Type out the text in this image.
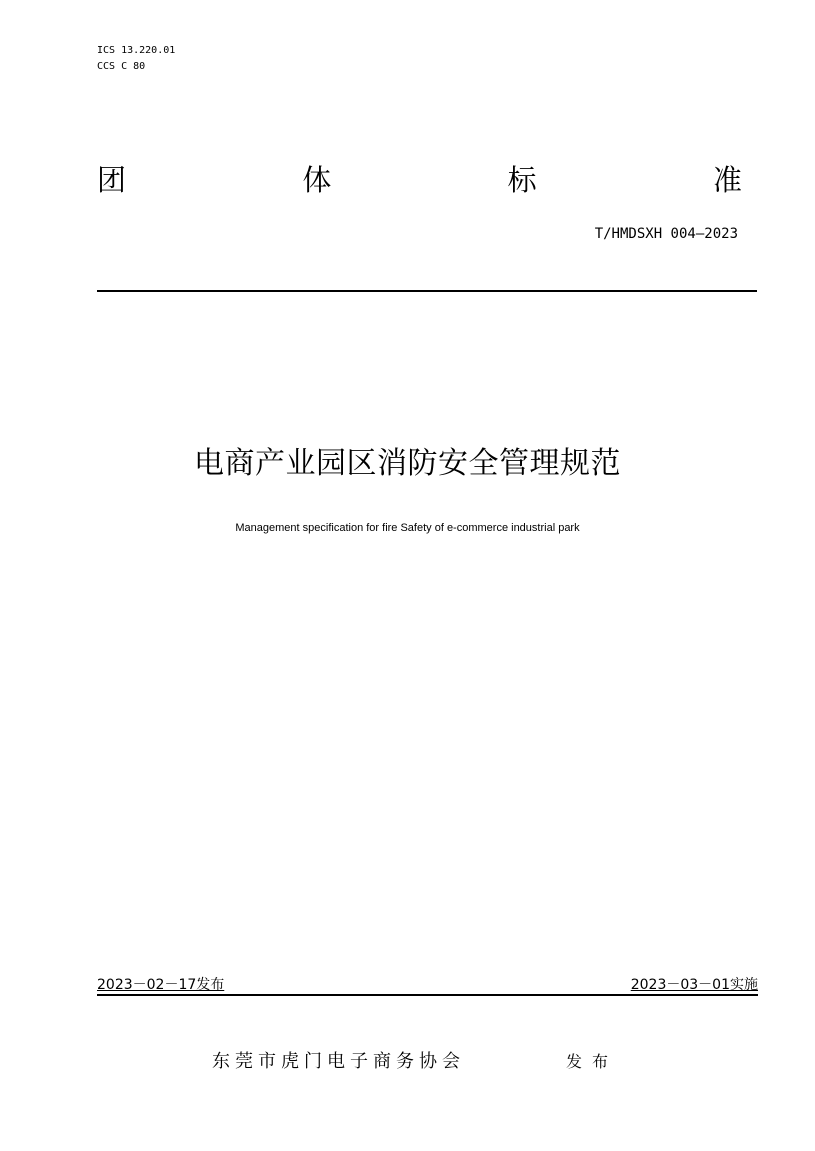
ICS 13.220.01
CCS C 80
团	体	标	准
T/HMDSXH 004—2023
电商产业园区消防安全管理规范
Management specification for fire Safety of e-commerce industrial park
2023－02－17发布	2023－03－01实施
东莞市虎门电子商务协会	发布
